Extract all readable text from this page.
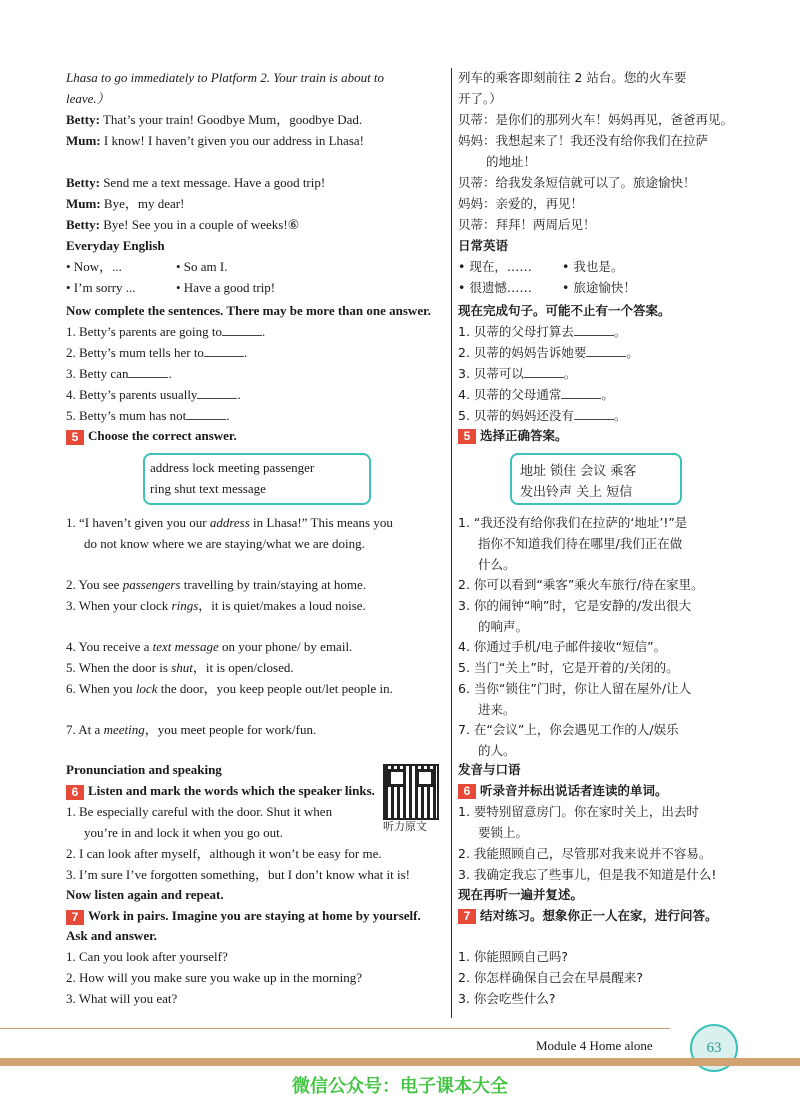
Lhasa to go immediately to Platform 2. Your train is about to
leave.）
Betty: That’s your train! Goodbye Mum，goodbye Dad.
Mum: I know! I haven’t given you our address in Lhasa!
Betty: Send me a text message. Have a good trip!
Mum: Bye，my dear!
Betty: Bye! See you in a couple of weeks!⑥
Everyday English
• Now，...	• So am I.
• I’m sorry ...	• Have a good trip!
Now complete the sentences. There may be more than one answer.
1. Betty’s parents are going to	.
2. Betty’s mum tells her to	.
3. Betty can	.
4. Betty’s parents usually	.
5. Betty’s mum has not	.
5 Choose the correct answer.
address lock meeting passenger
ring shut text message
1. “I haven’t given you our address in Lhasa!” This means you
do not know where we are staying/what we are doing.
2. You see passengers travelling by train/staying at home.
3. When your clock rings，it is quiet/makes a loud noise.
4. You receive a text message on your phone/ by email.
5. When the door is shut，it is open/closed.
6. When you lock the door，you keep people out/let people in.
7. At a meeting，you meet people for work/fun.
Pronunciation and speaking
6 Listen and mark the words which the speaker links.
1. Be especially careful with the door. Shut it when
you’re in and lock it when you go out.
2. I can look after myself，although it won’t be easy for me.
3. I’m sure I’ve forgotten something，but I don’t know what it is!
Now listen again and repeat.
7 Work in pairs. Imagine you are staying at home by yourself.
Ask and answer.
1. Can you look after yourself?
2. How will you make sure you wake up in the morning?
3. What will you eat?
听力原文
列车的乘客即刻前往 2 站台。您的火车要
开了。）
贝蒂：是你们的那列火车！妈妈再见，爸爸再见。
妈妈：我想起来了！我还没有给你我们在拉萨
的地址！
贝蒂：给我发条短信就可以了。旅途愉快！
妈妈：亲爱的，再见！
贝蒂：拜拜！两周后见！
日常英语
• 现在，…… • 我也是。
• 很遗憾…… • 旅途愉快！
现在完成句子。可能不止有一个答案。
1. 贝蒂的父母打算去	。
2. 贝蒂的妈妈告诉她要	。
3. 贝蒂可以	。
4. 贝蒂的父母通常	。
5. 贝蒂的妈妈还没有	。
5 选择正确答案。
地址 锁住 会议 乘客
发出铃声 关上 短信
1. “我还没有给你我们在拉萨的‘地址’!”是
指你不知道我们待在哪里/我们正在做
什么。
2. 你可以看到“乘客”乘火车旅行/待在家里。
3. 你的闹钟“响”时，它是安静的/发出很大
的响声。
4. 你通过手机/电子邮件接收“短信”。
5. 当门“关上”时，它是开着的/关闭的。
6. 当你“锁住”门时，你让人留在屋外/让人
进来。
7. 在“会议”上，你会遇见工作的人/娱乐
的人。
发音与口语
6 听录音并标出说话者连读的单词。
1. 要特别留意房门。你在家时关上，出去时
要锁上。
2. 我能照顾自己，尽管那对我来说并不容易。
3. 我确定我忘了些事儿，但是我不知道是什么!
现在再听一遍并复述。
7 结对练习。想象你正一人在家，进行问答。
1. 你能照顾自己吗?
2. 你怎样确保自己会在早晨醒来?
3. 你会吃些什么?
Module 4 Home alone	63
微信公众号：电子课本大全
